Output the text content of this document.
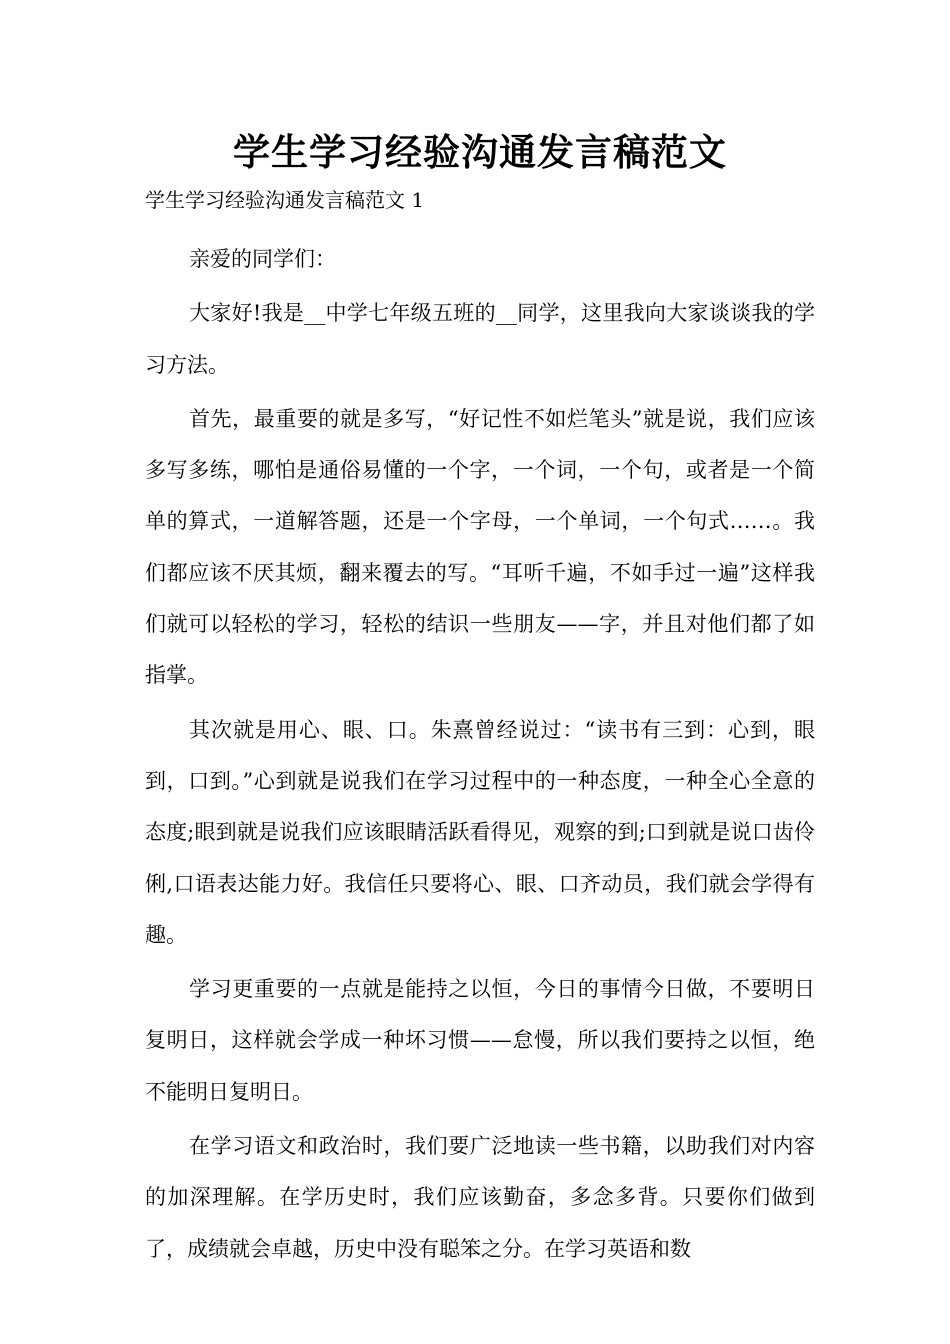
学生学习经验沟通发言稿范文

学生学习经验沟通发言稿范文 1

亲爱的同学们：

大家好!我是__中学七年级五班的__同学，这里我向大家谈谈我的学习方法。

首先，最重要的就是多写，“好记性不如烂笔头”就是说，我们应该多写多练，哪怕是通俗易懂的一个字，一个词，一个句，或者是一个简单的算式，一道解答题，还是一个字母，一个单词，一个句式……。我们都应该不厌其烦，翻来覆去的写。“耳听千遍，不如手过一遍”这样我们就可以轻松的学习，轻松的结识一些朋友——字，并且对他们都了如指掌。

其次就是用心、眼、口。朱熹曾经说过：“读书有三到：心到，眼到，口到。”心到就是说我们在学习过程中的一种态度，一种全心全意的态度;眼到就是说我们应该眼睛活跃看得见，观察的到;口到就是说口齿伶俐,口语表达能力好。我信任只要将心、眼、口齐动员，我们就会学得有趣。

学习更重要的一点就是能持之以恒，今日的事情今日做，不要明日复明日，这样就会学成一种坏习惯——怠慢，所以我们要持之以恒，绝不能明日复明日。

在学习语文和政治时，我们要广泛地读一些书籍，以助我们对内容的加深理解。在学历史时，我们应该勤奋，多念多背。只要你们做到了，成绩就会卓越，历史中没有聪笨之分。在学习英语和数
